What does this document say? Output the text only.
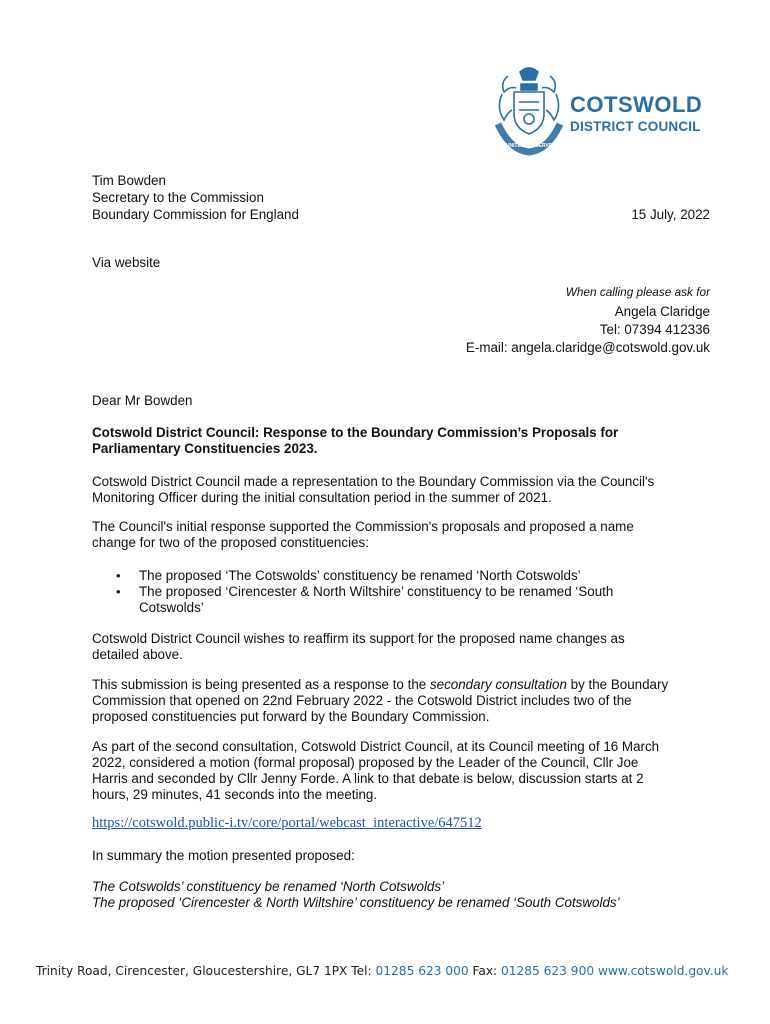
UNITED WE SERVE
COTSWOLD
DISTRICT COUNCIL
Tim Bowden
Secretary to the Commission
Boundary Commission for England	15 July, 2022
Via website
When calling please ask for
Angela Claridge
Tel: 07394 412336
E-mail: angela.claridge@cotswold.gov.uk
Dear Mr Bowden
Cotswold District Council: Response to the Boundary Commission’s Proposals for
Parliamentary Constituencies 2023.
Cotswold District Council made a representation to the Boundary Commission via the Council's
Monitoring Officer during the initial consultation period in the summer of 2021.
The Council's initial response supported the Commission's proposals and proposed a name
change for two of the proposed constituencies:
• The proposed ‘The Cotswolds’ constituency be renamed ‘North Cotswolds’
• The proposed ‘Cirencester & North Wiltshire’ constituency to be renamed ‘South
Cotswolds’
Cotswold District Council wishes to reaffirm its support for the proposed name changes as
detailed above.
This submission is being presented as a response to the secondary consultation by the Boundary
Commission that opened on 22nd February 2022 - the Cotswold District includes two of the
proposed constituencies put forward by the Boundary Commission.
As part of the second consultation, Cotswold District Council, at its Council meeting of 16 March
2022, considered a motion (formal proposal) proposed by the Leader of the Council, Cllr Joe
Harris and seconded by Cllr Jenny Forde. A link to that debate is below, discussion starts at 2
hours, 29 minutes, 41 seconds into the meeting.
https://cotswold.public-i.tv/core/portal/webcast_interactive/647512
In summary the motion presented proposed:
The Cotswolds’ constituency be renamed ‘North Cotswolds’
The proposed ‘Cirencester & North Wiltshire’ constituency be renamed ‘South Cotswolds’
Trinity Road, Cirencester, Gloucestershire, GL7 1PX Tel: 01285 623 000 Fax: 01285 623 900 www.cotswold.gov.uk
